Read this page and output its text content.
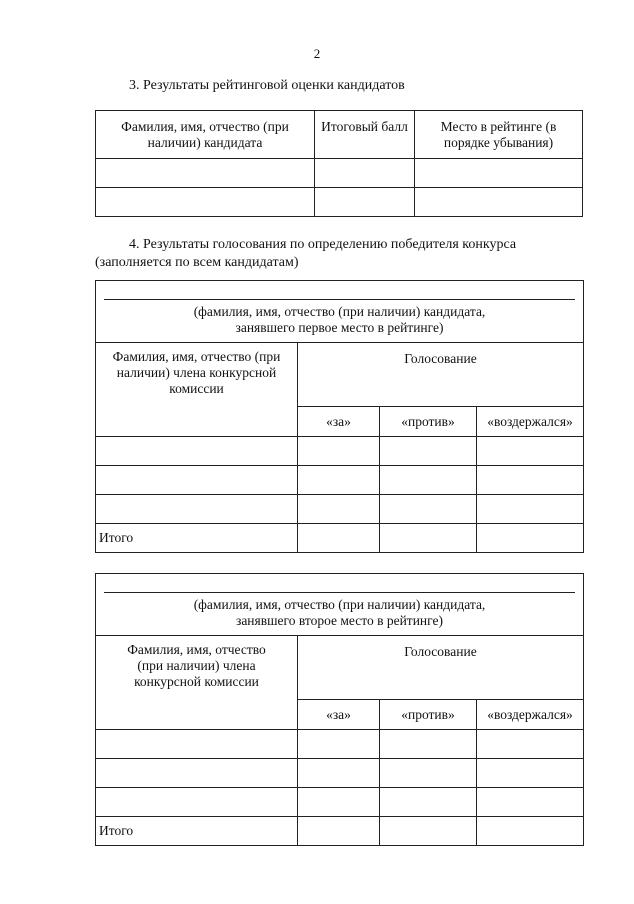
2
3. Результаты рейтинговой оценки кандидатов
Фамилия, имя, отчество (при наличии) кандидата	Итоговый балл	Место в рейтинге (в порядке убывания)

4. Результаты голосования по определению победителя конкурса
(заполняется по всем кандидатам)
(фамилия, имя, отчество (при наличии) кандидата,
занявшего первое место в рейтинге)			

Фамилия, имя, отчество (при наличии) члена конкурсной комиссии	Голосование		
	«за»	«против»	«воздержался»

Итого			
(фамилия, имя, отчество (при наличии) кандидата,
занявшего второе место в рейтинге)			

Фамилия, имя, отчество (при наличии) члена конкурсной комиссии	Голосование		
	«за»	«против»	«воздержался»

Итого			
